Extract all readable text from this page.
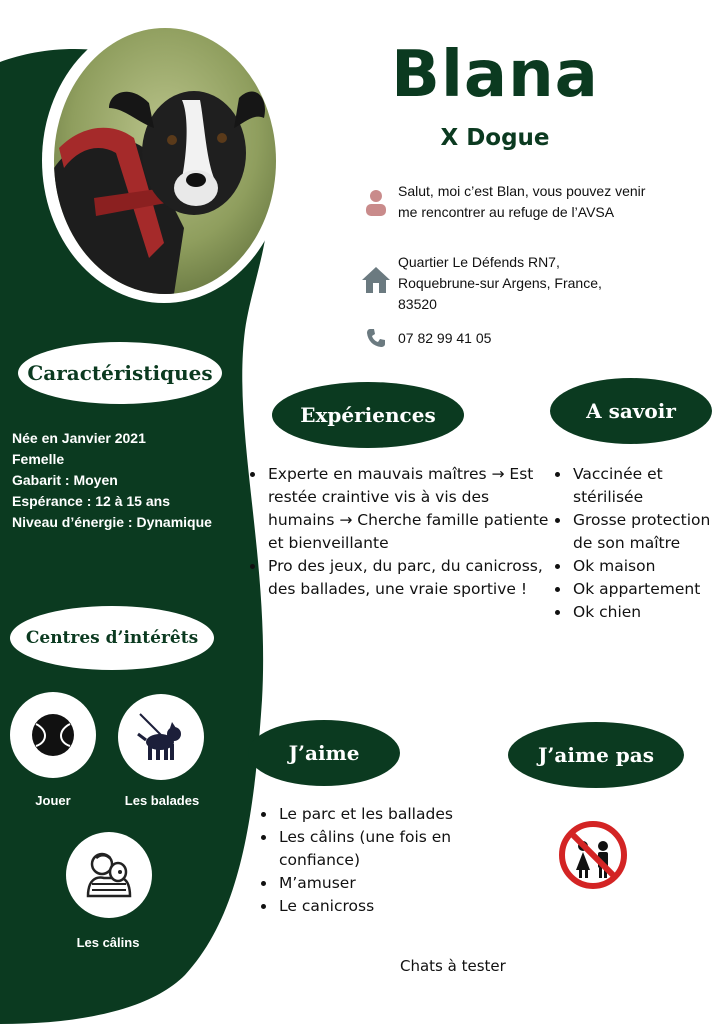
Blana
X Dogue
Salut, moi c’est Blan, vous pouvez venir me rencontrer au refuge de l’AVSA
Quartier Le Défends RN7, Roquebrune-sur Argens, France, 83520
07 82 99 41 05
Caractéristiques
Née en Janvier 2021
Femelle
Gabarit : Moyen
Espérance : 12 à 15 ans
Niveau d’énergie : Dynamique
Centres d’intérêts
Jouer	Les balades
Les câlins
Expériences
• Experte en mauvais maîtres → Est restée craintive vis à vis des humains → Cherche famille patiente et bienveillante
• Pro des jeux, du parc, du canicross, des ballades, une vraie sportive !
A savoir
• Vaccinée et stérilisée
• Grosse protection de son maître
• Ok maison
• Ok appartement
• Ok chien
J’aime
• Le parc et les ballades
• Les câlins (une fois en confiance)
• M’amuser
• Le canicross
J’aime pas
Chats à tester
